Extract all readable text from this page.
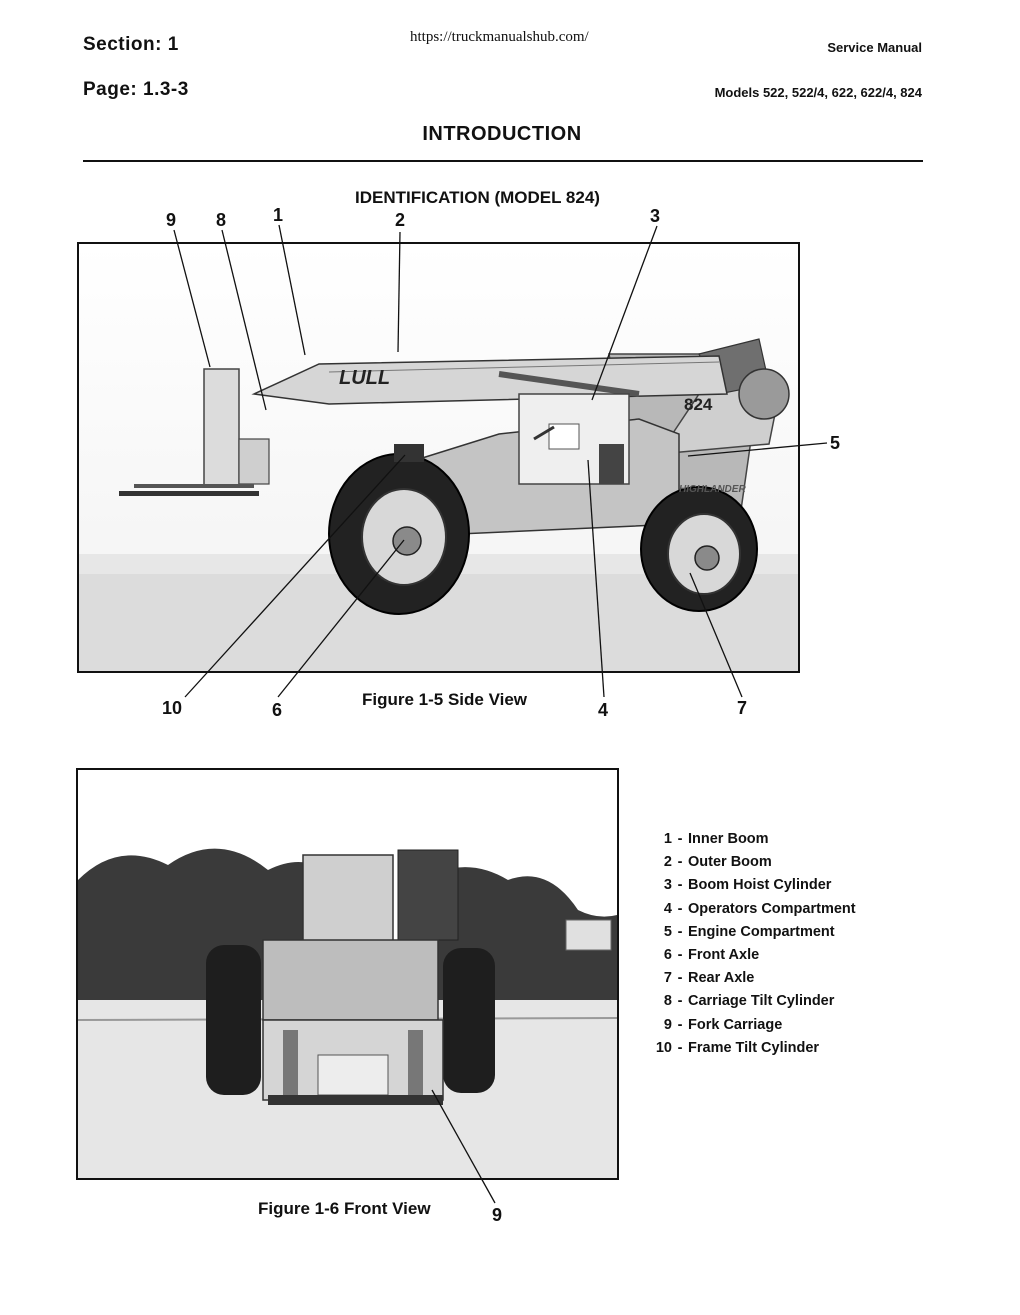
Section: 1
Page: 1.3-3
https://truckmanualshub.com/
Service Manual
Models 522, 522/4, 622, 622/4, 824
INTRODUCTION
IDENTIFICATION (MODEL 824)
9 8	1	2	3
5
LULL
824
HIGHLANDER
10	6
Figure 1-5 Side View
4	7
Figure 1-6 Front View	9
1 - Inner Boom
2 - Outer Boom
3 - Boom Hoist Cylinder
4 - Operators Compartment
5 - Engine Compartment
6 - Front Axle
7 - Rear Axle
8 - Carriage Tilt Cylinder
9 - Fork Carriage
10 - Frame Tilt Cylinder
